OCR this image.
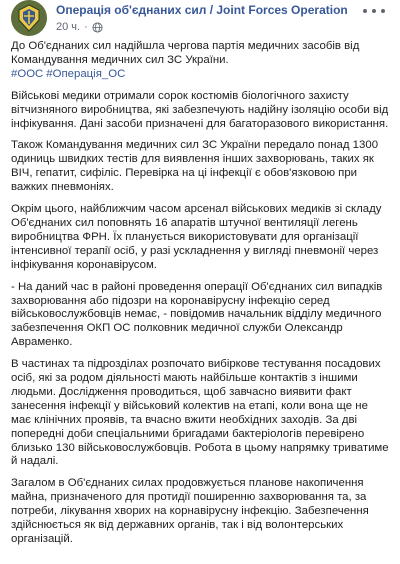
Операція об'єднаних сил / Joint Forces Operation
20 ч. ·

До Об'єднаних сил надійшла чергова партія медичних засобів від Командування медичних сил ЗС України.
#ООС #Операція_ОС

Військові медики отримали сорок костюмів біологічного захисту вітчизняного виробництва, які забезпечують надійну ізоляцію особи від інфікування. Дані засоби призначені для багаторазового використання.

Також Командування медичних сил ЗС України передало понад 1300 одиниць швидких тестів для виявлення інших захворювань, таких як ВІЧ, гепатит, сифіліс. Перевірка на ці інфекції є обов'язковою при важких пневмоніях.

Окрім цього, найближчим часом арсенал військових медиків зі складу Об'єднаних сил поповнять 16 апаратів штучної вентиляції легень виробництва ФРН. Їх планується використовувати для організації інтенсивної терапії осіб, у разі ускладнення у вигляді пневмонії через інфікування коронавірусом.

- На даний час в районі проведення операції Об'єднаних сил випадків захворювання або підозри на коронавірусну інфекцію серед військовослужбовців немає, - повідомив начальник відділу медичного забезпечення ОКП ОС полковник медичної служби Олександр Авраменко.

В частинах та підрозділах розпочато вибіркове тестування посадових осіб, які за родом діяльності мають найбільше контактів з іншими людьми. Дослідження проводиться, щоб завчасно виявити факт занесення інфекції у військовий колектив на етапі, коли вона ще не має клінічних проявів, та вчасно вжити необхідних заходів. За дві попередні доби спеціальними бригадами бактеріологів перевірено близько 130 військовослужбовців. Робота в цьому напрямку триватиме й надалі.

Загалом в Об'єднаних силах продовжується планове накопичення майна, призначеного для протидії поширенню захворювання та, за потреби, лікування хворих на корнавірусну інфекцію. Забезпечення здійснюється як від державних органів, так і від волонтерських організацій.
